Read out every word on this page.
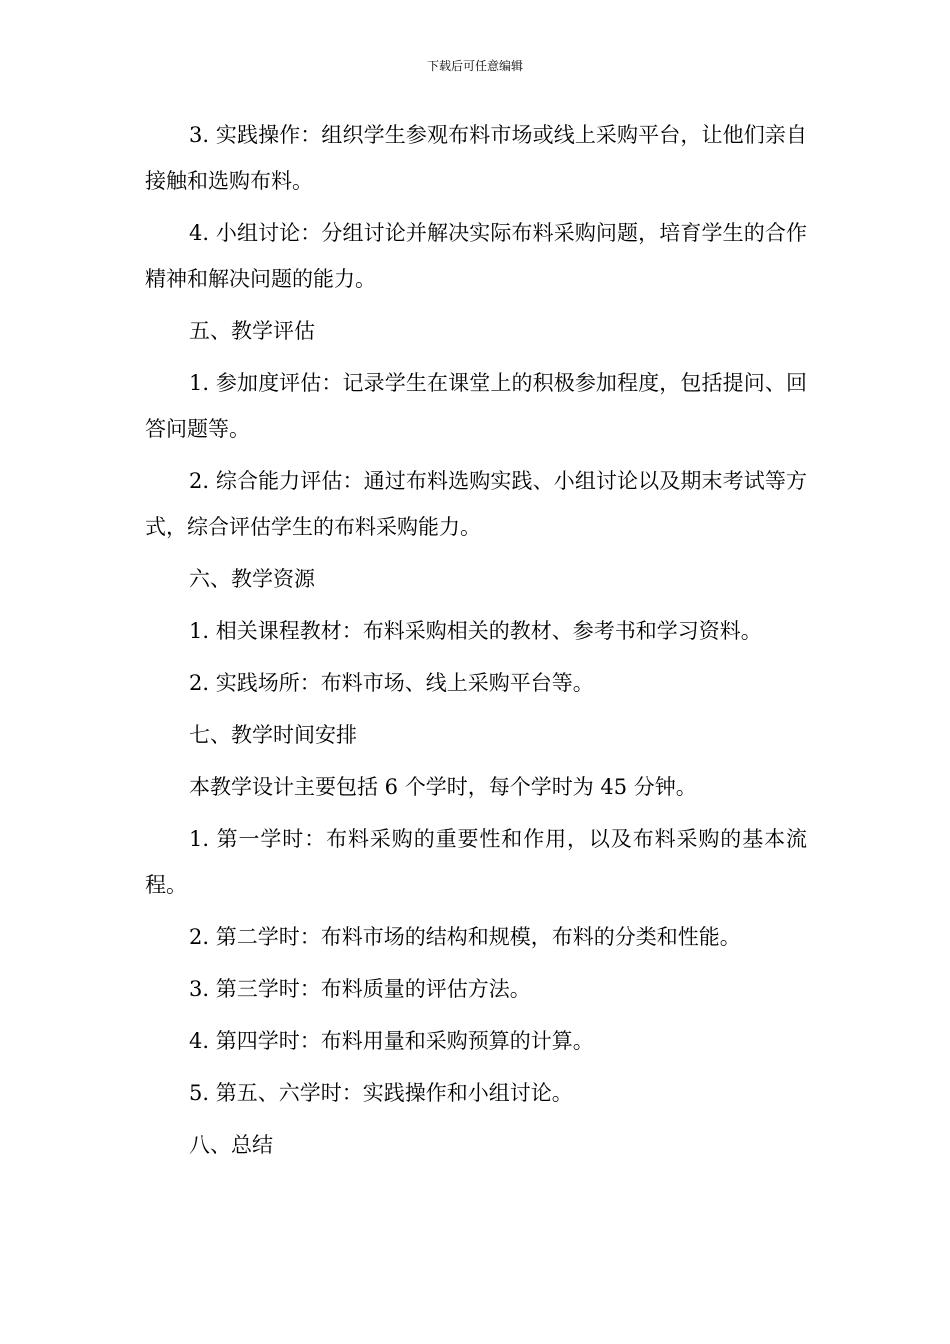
下载后可任意编辑

3. 实践操作：组织学生参观布料市场或线上采购平台，让他们亲自接触和选购布料。

4. 小组讨论：分组讨论并解决实际布料采购问题，培育学生的合作精神和解决问题的能力。

五、教学评估

1. 参加度评估：记录学生在课堂上的积极参加程度，包括提问、回答问题等。

2. 综合能力评估：通过布料选购实践、小组讨论以及期末考试等方式，综合评估学生的布料采购能力。

六、教学资源

1. 相关课程教材：布料采购相关的教材、参考书和学习资料。

2. 实践场所：布料市场、线上采购平台等。

七、教学时间安排

本教学设计主要包括 6 个学时，每个学时为 45 分钟。

1. 第一学时：布料采购的重要性和作用，以及布料采购的基本流程。

2. 第二学时：布料市场的结构和规模，布料的分类和性能。

3. 第三学时：布料质量的评估方法。

4. 第四学时：布料用量和采购预算的计算。

5. 第五、六学时：实践操作和小组讨论。

八、总结
